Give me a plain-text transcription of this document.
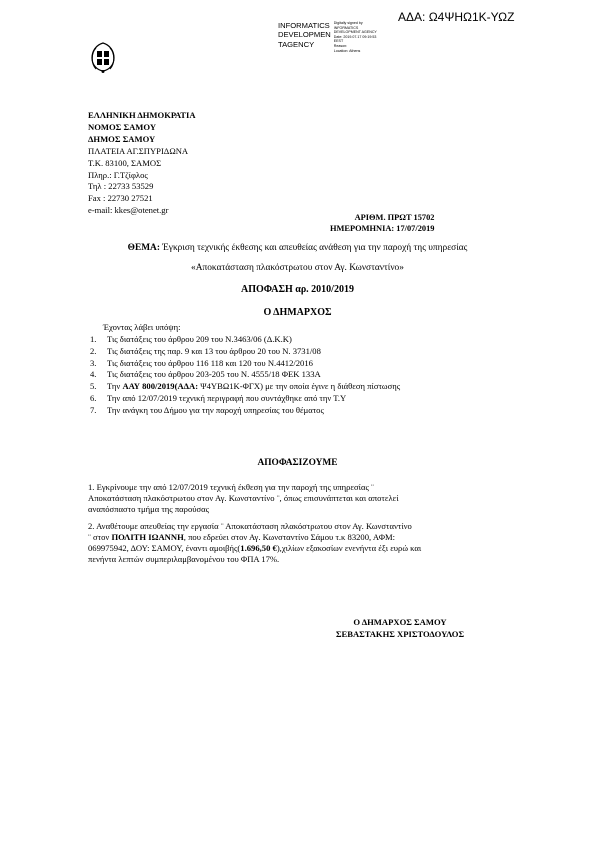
ΑΔΑ: Ω4ΨΗΩ1Κ-ΥΩΖ
INFORMATICS
DEVELOPMEN
TAGENCY
Digitally signed by
INFORMATICS
DEVELOPMENT AGENCY
Date: 2019.07.17 09:19:53
EEST
Reason:
Location: Athens
ΕΛΛΗΝΙΚΗ ΔΗΜΟΚΡΑΤΙΑ
ΝΟΜΟΣ ΣΑΜΟΥ
ΔΗΜΟΣ ΣΑΜΟΥ
ΠΛΑΤΕΙΑ ΑΓ.ΣΠΥΡΙΔΩΝΑ
Τ.Κ. 83100, ΣΑΜΟΣ
Πληρ.: Γ.Τζίφλος
Τηλ : 22733 53529
Fax : 22730 27521
e-mail: kkes@otenet.gr
ΑΡΙΘΜ. ΠΡΩΤ 15702
ΗΜΕΡΟΜΗΝΙΑ: 17/07/2019
ΘΕΜΑ: Έγκριση τεχνικής έκθεσης και απευθείας ανάθεση για την παροχή της υπηρεσίας
«Αποκατάσταση πλακόστρωτου στον Αγ. Κωνσταντίνο»
ΑΠΟΦΑΣΗ αρ. 2010/2019
Ο ΔΗΜΑΡΧΟΣ
Έχοντας λάβει υπόψη:
1. Τις διατάξεις του άρθρου 209 του Ν.3463/06 (Δ.Κ.Κ)
2. Τις διατάξεις της παρ. 9 και 13 του άρθρου 20 του Ν. 3731/08
3. Τις διατάξεις του άρθρου 116 118 και 120 του Ν.4412/2016
4. Τις διατάξεις του άρθρου 203-205 του Ν. 4555/18 ΦΕΚ 133Α
5. Την ΑΑΥ 800/2019(ΑΔΑ: Ψ4ΥΒΩ1Κ-ΦΓΧ) με την οποία έγινε η διάθεση πίστωσης
6. Την από 12/07/2019 τεχνική περιγραφή που συντάχθηκε από την Τ.Υ
7. Την ανάγκη του Δήμου για την παροχή υπηρεσίας του θέματος
ΑΠΟΦΑΣΙΖΟΥΜΕ
1. Εγκρίνουμε την από 12/07/2019 τεχνική έκθεση για την παροχή της υπηρεσίας ¨
Αποκατάσταση πλακόστρωτου στον Αγ. Κωνσταντίνο ¨, όπως επισυνάπτεται και αποτελεί
αναπόσπαστο τμήμα της παρούσας
2. Αναθέτουμε απευθείας την εργασία ¨ Αποκατάσταση πλακόστρωτου στον Αγ. Κωνσταντίνο
¨ στον ΠΟΛΙΤΗ ΙΩΑΝΝΗ, που εδρεύει στον Αγ. Κωνσταντίνο Σάμου τ.κ 83200, ΑΦΜ:
069975942, ΔΟΥ: ΣΑΜΟΥ, έναντι αμοιβής(1.696,50 €),χιλίων εξακοσίων ενενήντα έξι ευρώ και
πενήντα λεπτών συμπεριλαμβανομένου του ΦΠΑ 17%.
Ο ΔΗΜΑΡΧΟΣ ΣΑΜΟΥ
ΣΕΒΑΣΤΑΚΗΣ ΧΡΙΣΤΟΔΟΥΛΟΣ
